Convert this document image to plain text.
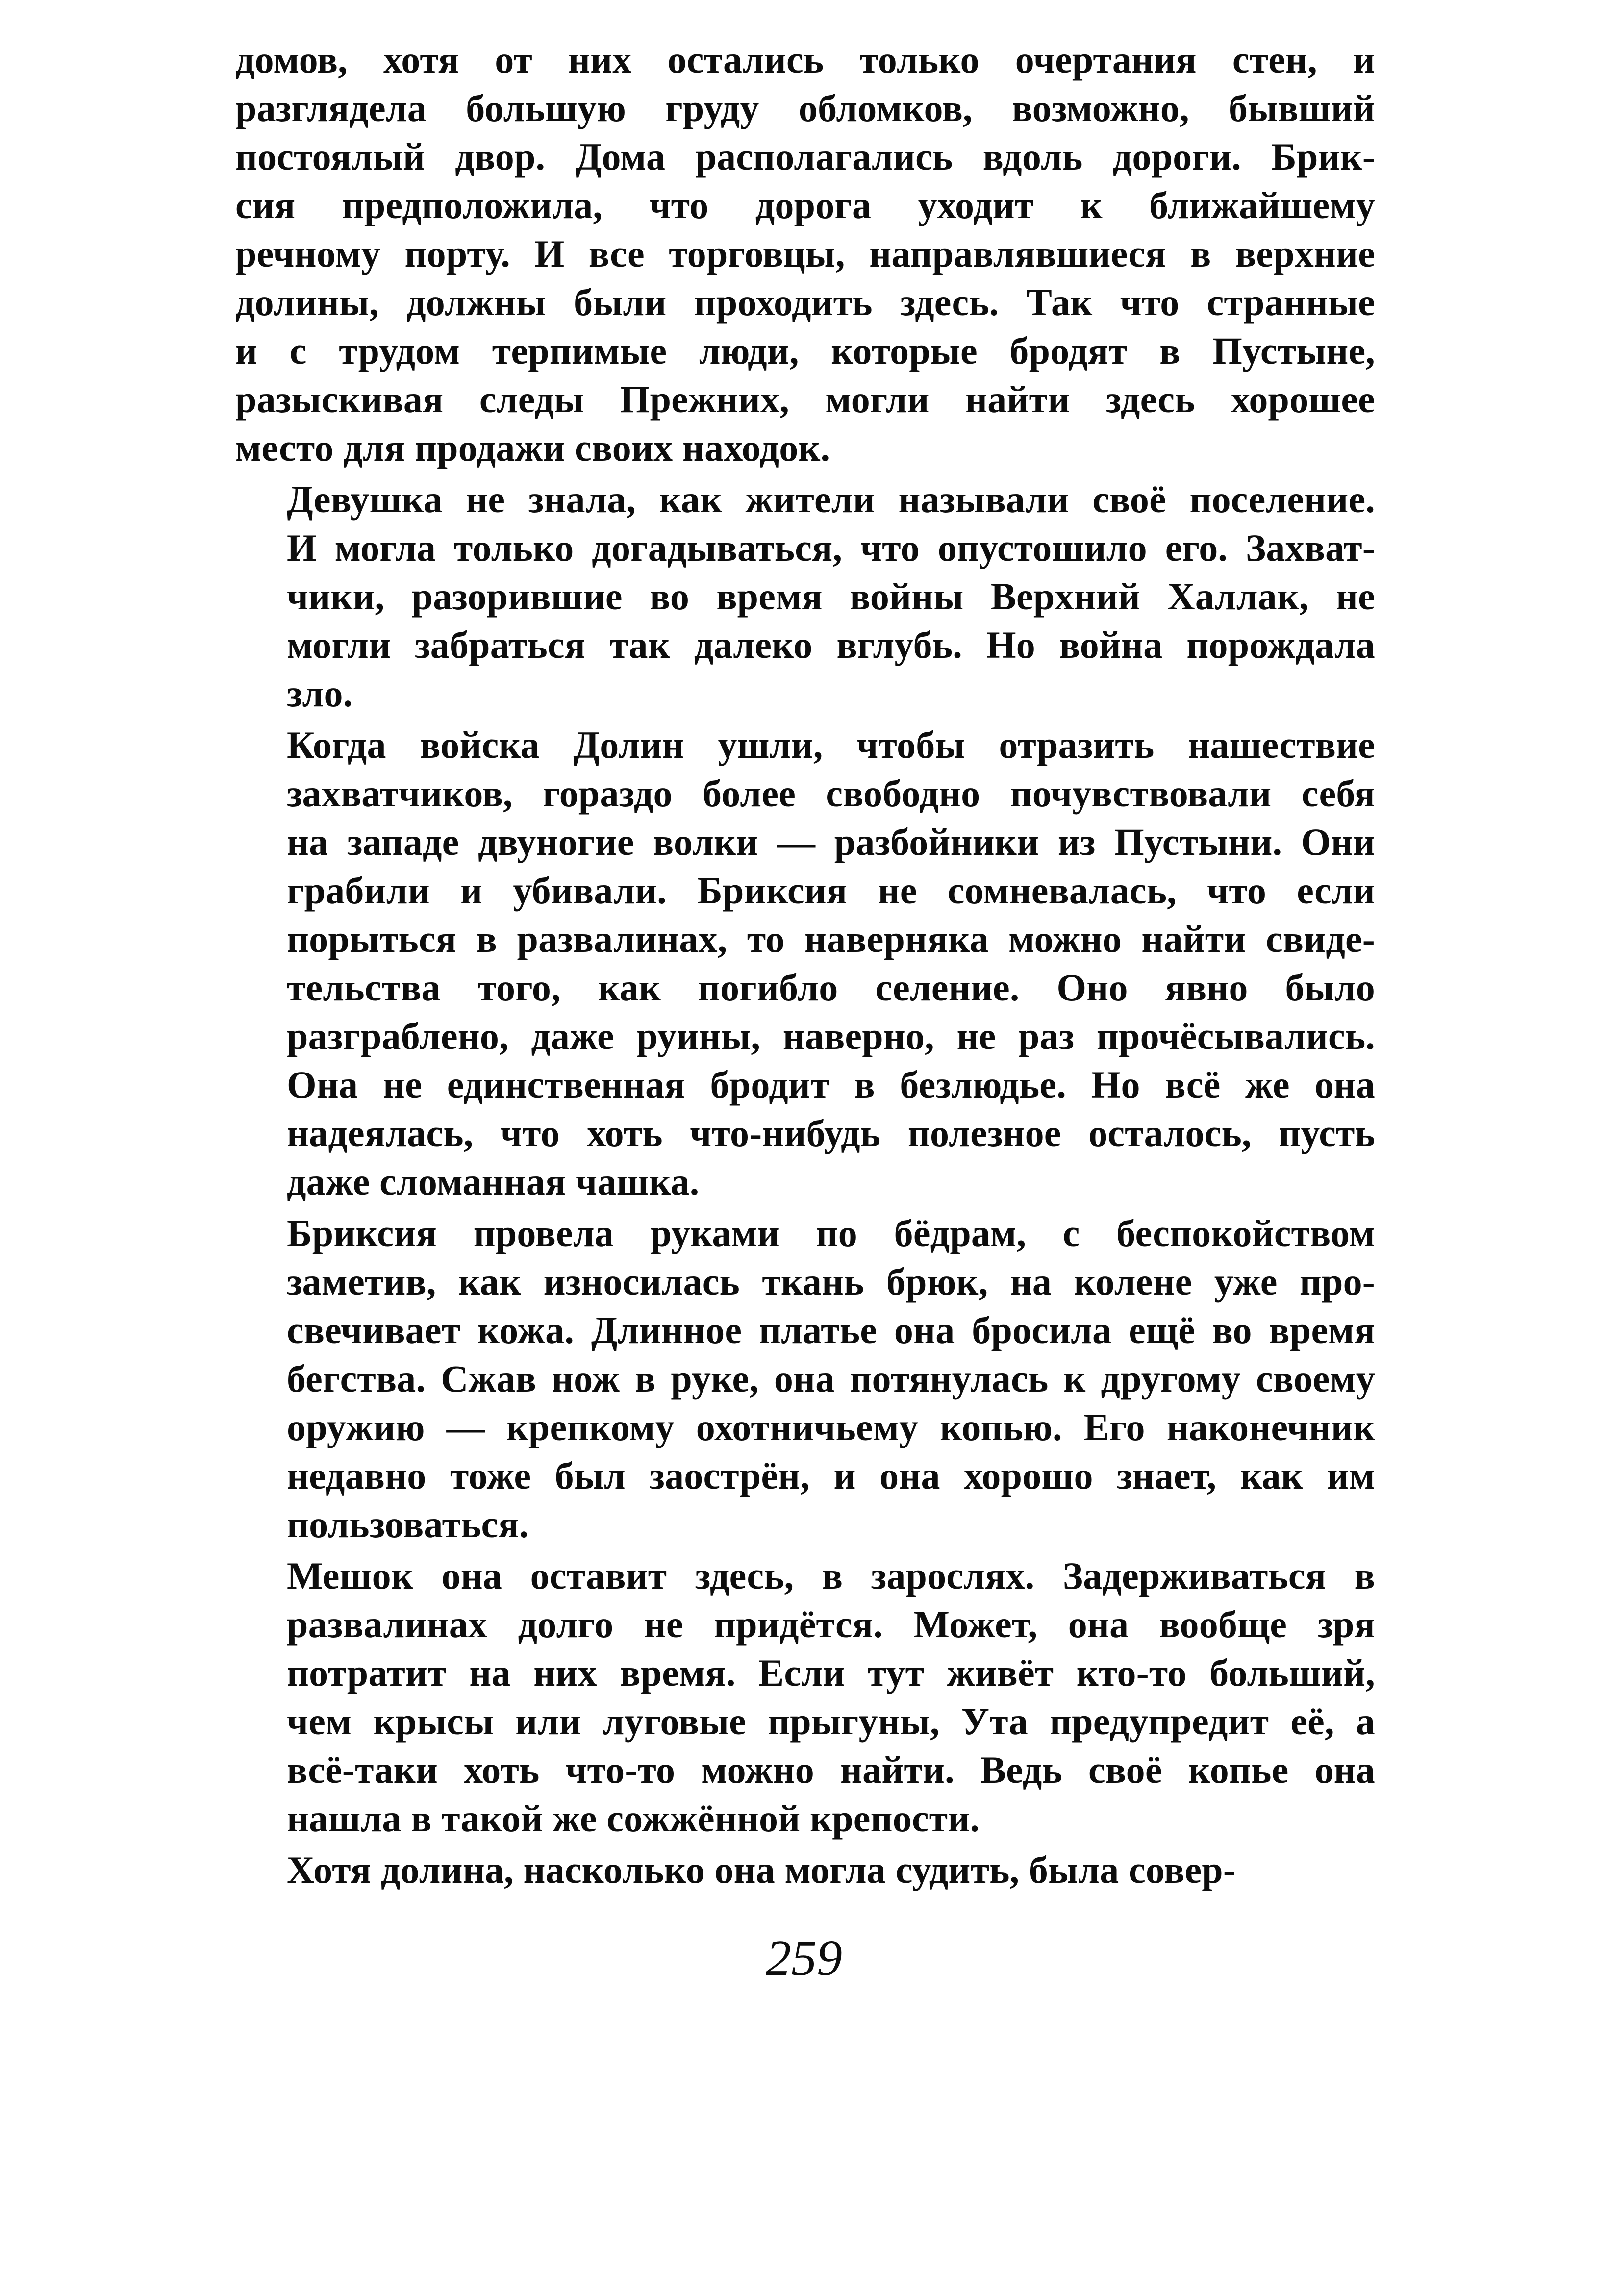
домов, хотя от них остались только очертания стен, и
разглядела большую груду обломков, возможно, бывший
постоялый двор. Дома располагались вдоль дороги. Брик-
сия предположила, что дорога уходит к ближайшему
речному порту. И все торговцы, направлявшиеся в верхние
долины, должны были проходить здесь. Так что странные
и с трудом терпимые люди, которые бродят в Пустыне,
разыскивая следы Прежних, могли найти здесь хорошее
место для продажи своих находок.
Девушка не знала, как жители называли своё поселение.
И могла только догадываться, что опустошило его. Захват-
чики, разорившие во время войны Верхний Халлак, не
могли забраться так далеко вглубь. Но война порождала
зло.
Когда войска Долин ушли, чтобы отразить нашествие
захватчиков, гораздо более свободно почувствовали себя
на западе двуногие волки — разбойники из Пустыни. Они
грабили и убивали. Бриксия не сомневалась, что если
порыться в развалинах, то наверняка можно найти свиде-
тельства того, как погибло селение. Оно явно было
разграблено, даже руины, наверно, не раз прочёсывались.
Она не единственная бродит в безлюдье. Но всё же она
надеялась, что хоть что-нибудь полезное осталось, пусть
даже сломанная чашка.
Бриксия провела руками по бёдрам, с беспокойством
заметив, как износилась ткань брюк, на колене уже про-
свечивает кожа. Длинное платье она бросила ещё во время
бегства. Сжав нож в руке, она потянулась к другому своему
оружию — крепкому охотничьему копью. Его наконечник
недавно тоже был заострён, и она хорошо знает, как им
пользоваться.
Мешок она оставит здесь, в зарослях. Задерживаться в
развалинах долго не придётся. Может, она вообще зря
потратит на них время. Если тут живёт кто-то больший,
чем крысы или луговые прыгуны, Ута предупредит её, а
всё-таки хоть что-то можно найти. Ведь своё копье она
нашла в такой же сожжённой крепости.
Хотя долина, насколько она могла судить, была совер-
259
